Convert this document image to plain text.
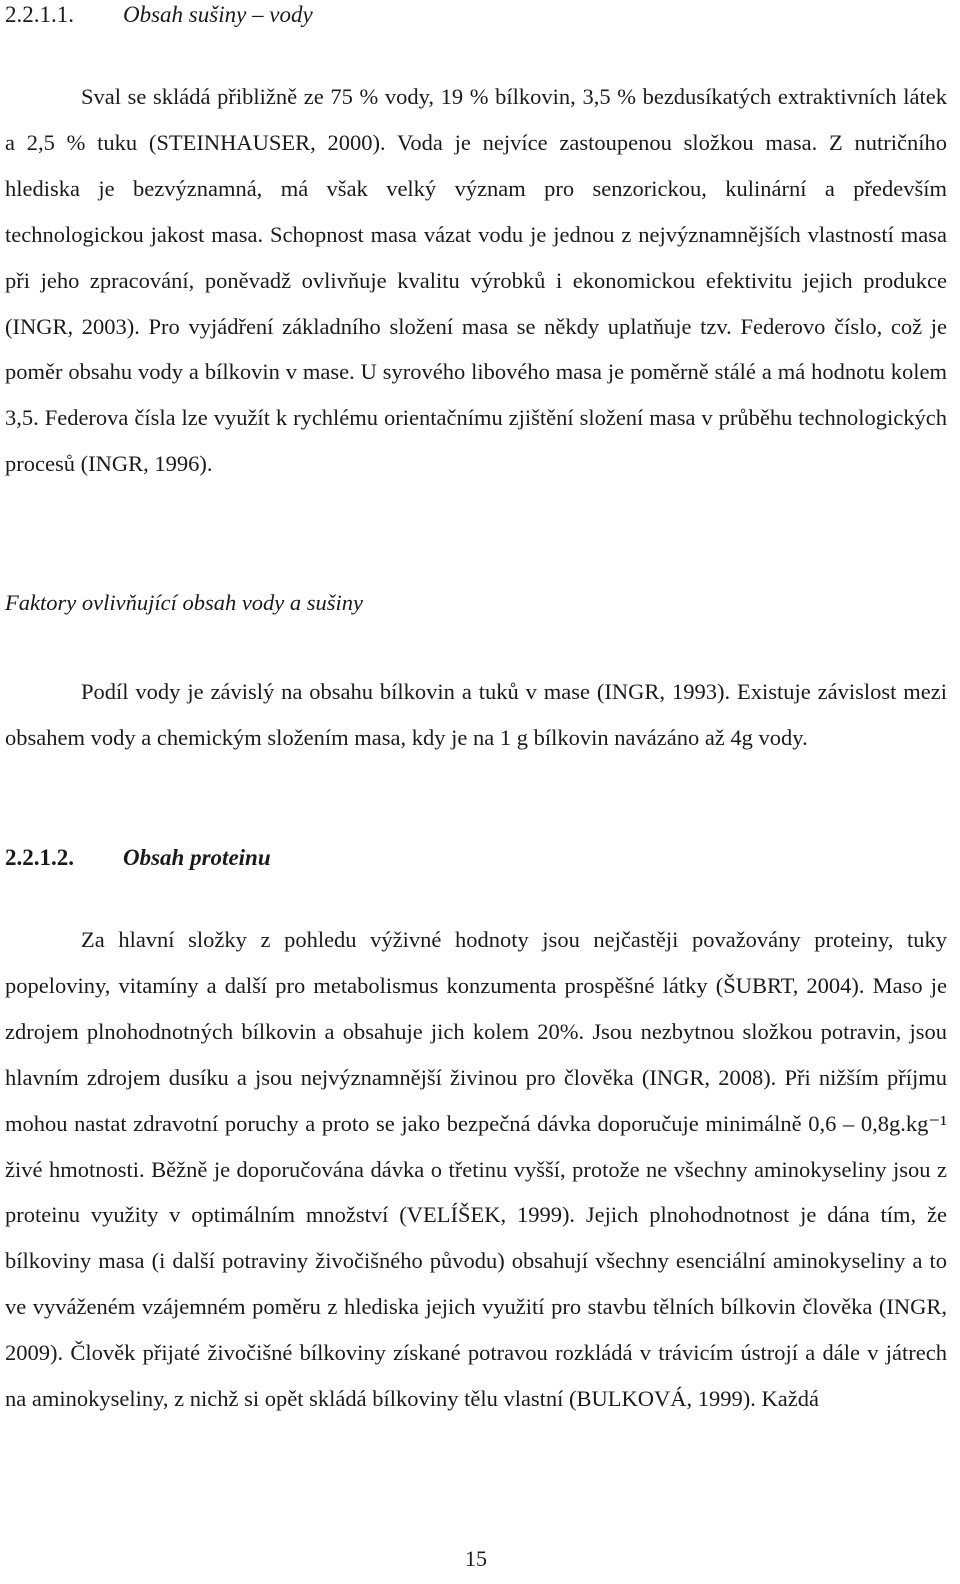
2.2.1.1. Obsah sušiny – vody

Sval se skládá přibližně ze 75 % vody, 19 % bílkovin, 3,5 % bezdusíkatých extraktivních látek a 2,5 % tuku (STEINHAUSER, 2000). Voda je nejvíce zastoupenou složkou masa. Z nutričního hlediska je bezvýznamná, má však velký význam pro senzorickou, kulinární a především technologickou jakost masa. Schopnost masa vázat vodu je jednou z nejvýznamnějších vlastností masa při jeho zpracování, poněvadž ovlivňuje kvalitu výrobků i ekonomickou efektivitu jejich produkce (INGR, 2003). Pro vyjádření základního složení masa se někdy uplatňuje tzv. Federovo číslo, což je poměr obsahu vody a bílkovin v mase. U syrového libového masa je poměrně stálé a má hodnotu kolem 3,5. Federova čísla lze využít k rychlému orientačnímu zjištění složení masa v průběhu technologických procesů (INGR, 1996).

Faktory ovlivňující obsah vody a sušiny

Podíl vody je závislý na obsahu bílkovin a tuků v mase (INGR, 1993). Existuje závislost mezi obsahem vody a chemickým složením masa, kdy je na 1 g bílkovin navázáno až 4g vody.

2.2.1.2. Obsah proteinu

Za hlavní složky z pohledu výživné hodnoty jsou nejčastěji považovány proteiny, tuky popeloviny, vitamíny a další pro metabolismus konzumenta prospěšné látky (ŠUBRT, 2004). Maso je zdrojem plnohodnotných bílkovin a obsahuje jich kolem 20%. Jsou nezbytnou složkou potravin, jsou hlavním zdrojem dusíku a jsou nejvýznamnější živinou pro člověka (INGR, 2008). Při nižším příjmu mohou nastat zdravotní poruchy a proto se jako bezpečná dávka doporučuje minimálně 0,6 – 0,8g.kg⁻¹ živé hmotnosti. Běžně je doporučována dávka o třetinu vyšší, protože ne všechny aminokyseliny jsou z proteinu využity v optimálním množství (VELÍŠEK, 1999). Jejich plnohodnotnost je dána tím, že bílkoviny masa (i další potraviny živočišného původu) obsahují všechny esenciální aminokyseliny a to ve vyváženém vzájemném poměru z hlediska jejich využití pro stavbu tělních bílkovin člověka (INGR, 2009). Člověk přijaté živočišné bílkoviny získané potravou rozkládá v trávicím ústrojí a dále v játrech na aminokyseliny, z nichž si opět skládá bílkoviny tělu vlastní (BULKOVÁ, 1999). Každá

15
